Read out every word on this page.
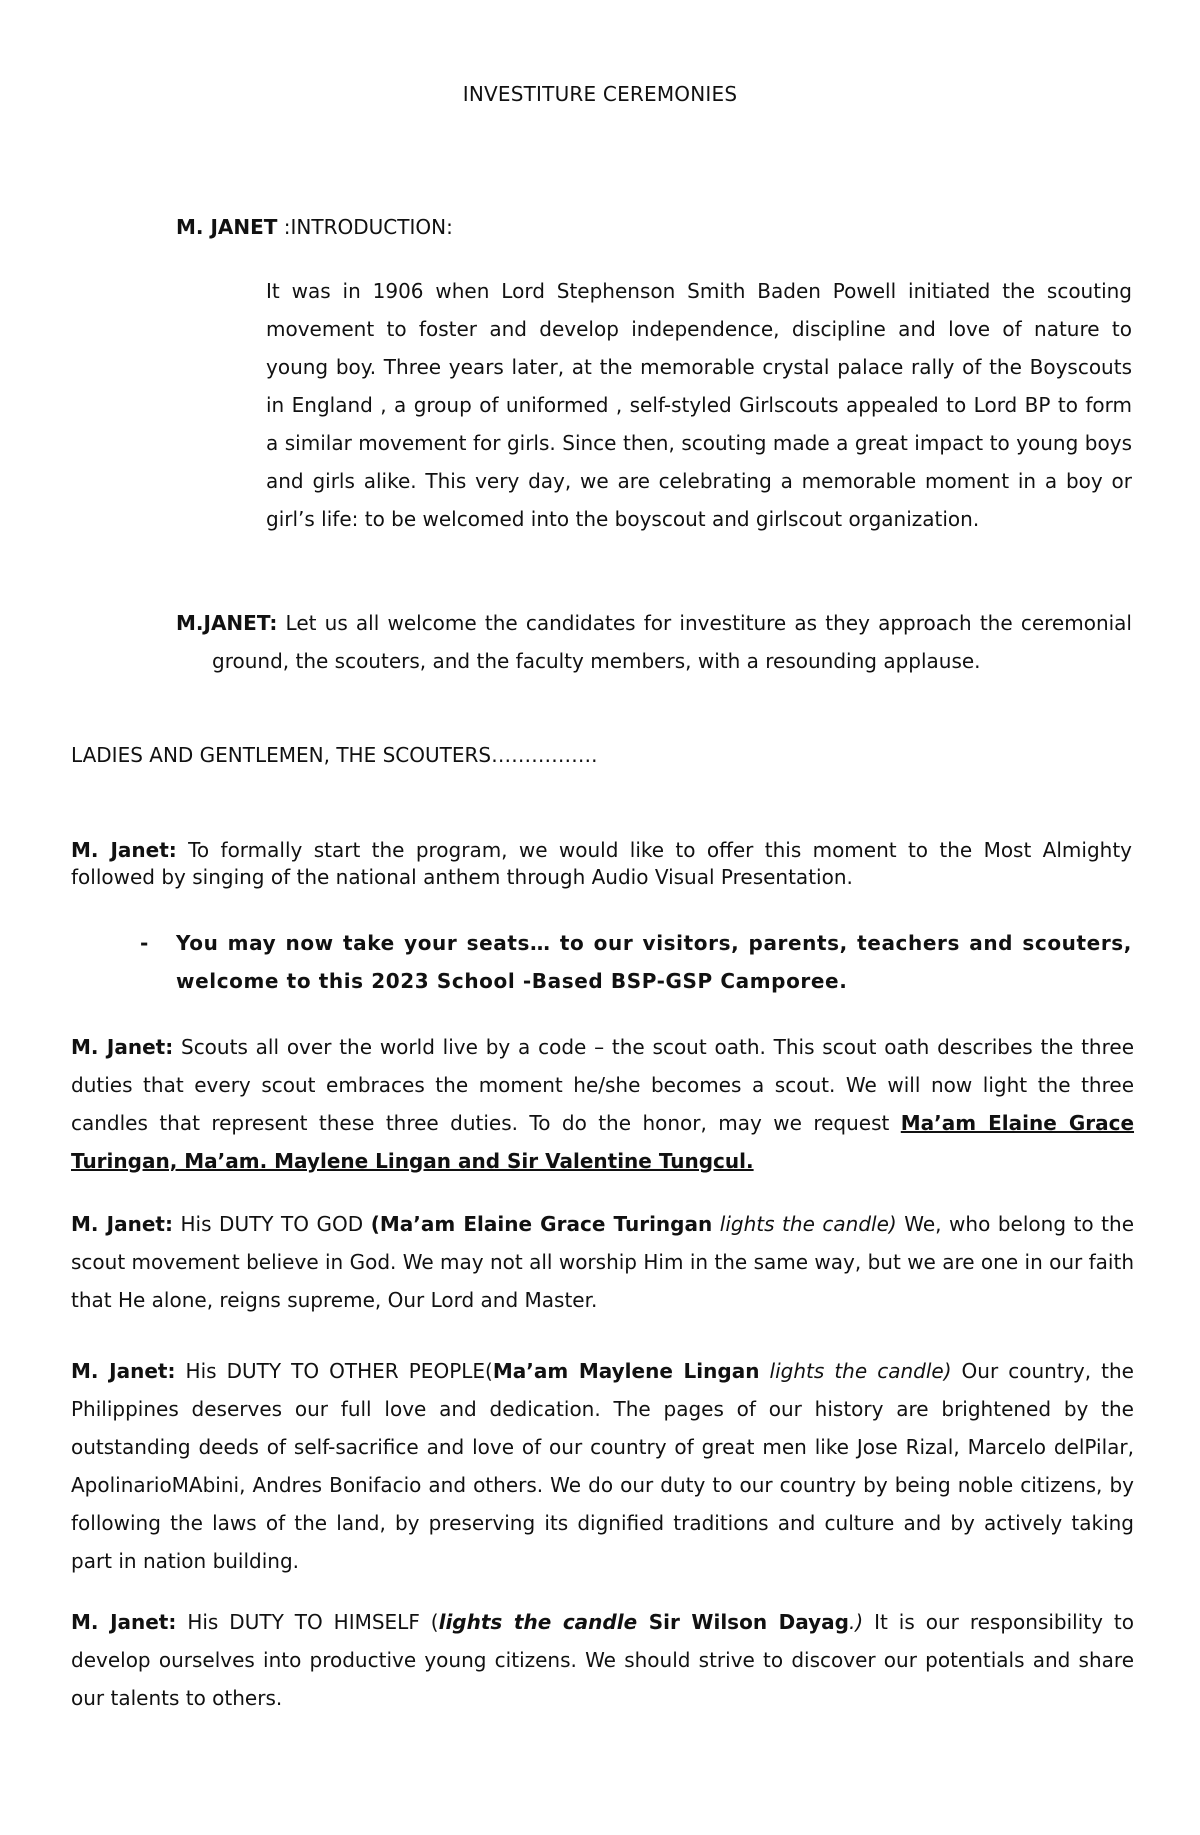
INVESTITURE CEREMONIES
M. JANET :INTRODUCTION:
It was in 1906 when Lord Stephenson Smith Baden Powell initiated the scouting movement to foster and develop independence, discipline and love of nature to young boy. Three years later, at the memorable crystal palace rally of the Boyscouts in England , a group of uniformed , self-styled Girlscouts appealed to Lord BP to form a similar movement for girls. Since then, scouting made a great impact to young boys and girls alike. This very day, we are celebrating a memorable moment in a boy or girl’s life: to be welcomed into the boyscout and girlscout organization.
M.JANET: Let us all welcome the candidates for investiture as they approach the ceremonial ground, the scouters, and the faculty members, with a resounding applause.
LADIES AND GENTLEMEN, THE SCOUTERS…………….
M. Janet: To formally start the program, we would like to offer this moment to the Most Almighty followed by singing of the national anthem through Audio Visual Presentation.
- You may now take your seats… to our visitors, parents, teachers and scouters, welcome to this 2023 School -Based BSP-GSP Camporee.
M. Janet: Scouts all over the world live by a code – the scout oath. This scout oath describes the three duties that every scout embraces the moment he/she becomes a scout. We will now light the three candles that represent these three duties. To do the honor, may we request Ma’am Elaine Grace Turingan, Ma’am. Maylene Lingan and Sir Valentine Tungcul.
M. Janet: His DUTY TO GOD (Ma’am Elaine Grace Turingan lights the candle) We, who belong to the scout movement believe in God. We may not all worship Him in the same way, but we are one in our faith that He alone, reigns supreme, Our Lord and Master.
M. Janet: His DUTY TO OTHER PEOPLE(Ma’am Maylene Lingan lights the candle) Our country, the Philippines deserves our full love and dedication. The pages of our history are brightened by the outstanding deeds of self-sacrifice and love of our country of great men like Jose Rizal, Marcelo delPilar, ApolinarioMAbini, Andres Bonifacio and others. We do our duty to our country by being noble citizens, by following the laws of the land, by preserving its dignified traditions and culture and by actively taking part in nation building.
M. Janet: His DUTY TO HIMSELF (lights the candle Sir Wilson Dayag.) It is our responsibility to develop ourselves into productive young citizens. We should strive to discover our potentials and share our talents to others.
